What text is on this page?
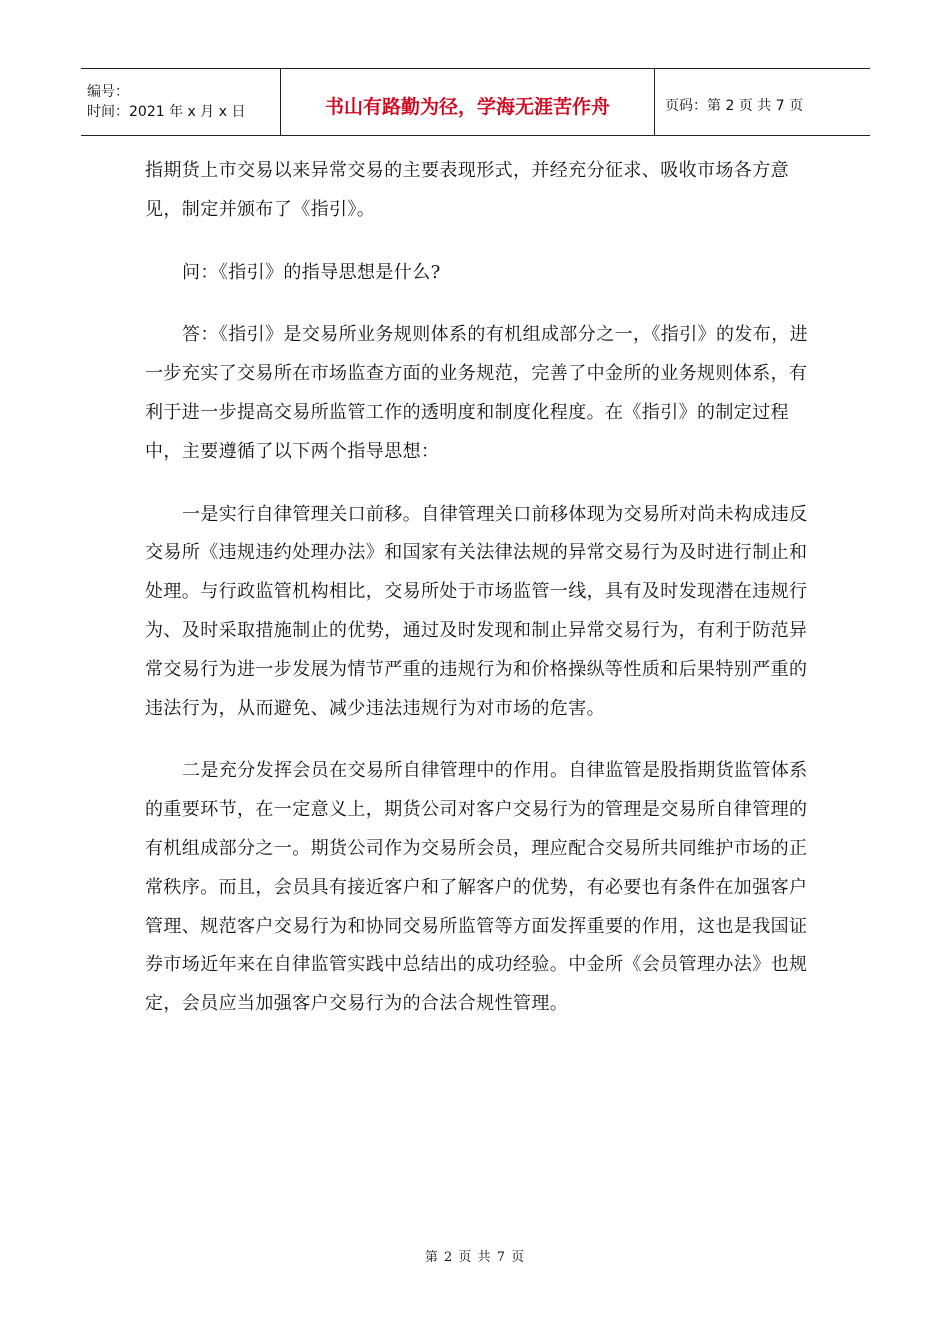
编号：
时间：2021 年 x 月 x 日	书山有路勤为径，学海无涯苦作舟	页码：第 2 页 共 7 页

指期货上市交易以来异常交易的主要表现形式，并经充分征求、吸收市场各方意见，制定并颁布了《指引》。

问：《指引》的指导思想是什么?

答：《指引》是交易所业务规则体系的有机组成部分之一，《指引》的发布，进一步充实了交易所在市场监查方面的业务规范，完善了中金所的业务规则体系，有利于进一步提高交易所监管工作的透明度和制度化程度。在《指引》的制定过程中，主要遵循了以下两个指导思想：

一是实行自律管理关口前移。自律管理关口前移体现为交易所对尚未构成违反交易所《违规违约处理办法》和国家有关法律法规的异常交易行为及时进行制止和处理。与行政监管机构相比，交易所处于市场监管一线，具有及时发现潜在违规行为、及时采取措施制止的优势，通过及时发现和制止异常交易行为，有利于防范异常交易行为进一步发展为情节严重的违规行为和价格操纵等性质和后果特别严重的违法行为，从而避免、减少违法违规行为对市场的危害。

二是充分发挥会员在交易所自律管理中的作用。自律监管是股指期货监管体系的重要环节，在一定意义上，期货公司对客户交易行为的管理是交易所自律管理的有机组成部分之一。期货公司作为交易所会员，理应配合交易所共同维护市场的正常秩序。而且，会员具有接近客户和了解客户的优势，有必要也有条件在加强客户管理、规范客户交易行为和协同交易所监管等方面发挥重要的作用，这也是我国证券市场近年来在自律监管实践中总结出的成功经验。中金所《会员管理办法》也规定，会员应当加强客户交易行为的合法合规性管理。

第 2 页 共 7 页
